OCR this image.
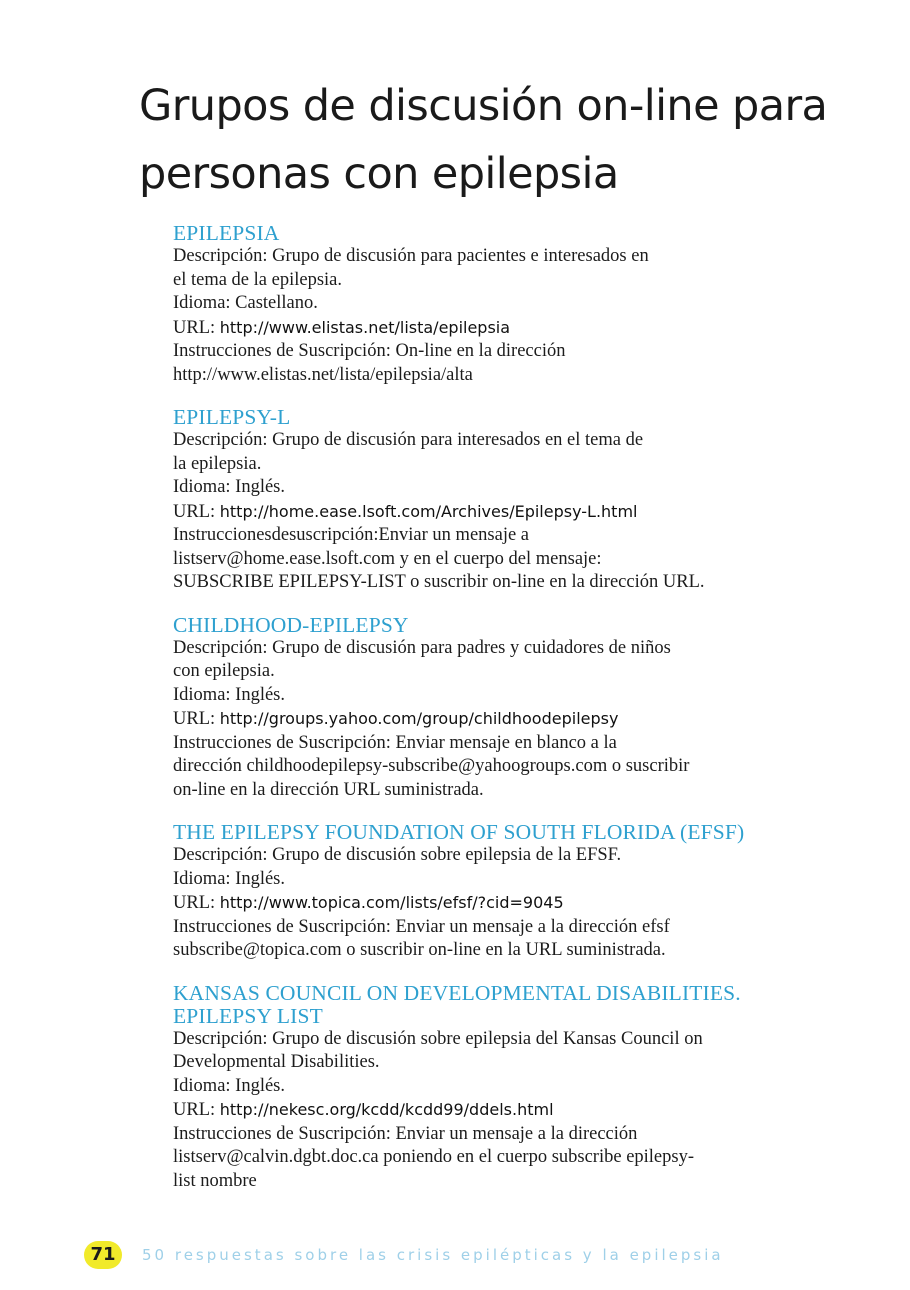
Grupos de discusión on-line para personas con epilepsia
EPILEPSIA

Descripción: Grupo de discusión para pacientes e interesados en

el tema de la epilepsia.

Idioma: Castellano.

URL: http://www.elistas.net/lista/epilepsia

Instrucciones de Suscripción: On-line en la dirección

http://www.elistas.net/lista/epilepsia/alta

EPILEPSY-L

Descripción: Grupo de discusión para interesados en el tema de

la epilepsia.

Idioma: Inglés.

URL: http://home.ease.lsoft.com/Archives/Epilepsy-L.html

Instruccionesdesuscripción:Enviar un mensaje a

listserv@home.ease.lsoft.com y en el cuerpo del mensaje:

SUBSCRIBE EPILEPSY-LIST o suscribir on-line en la dirección URL.

CHILDHOOD-EPILEPSY

Descripción: Grupo de discusión para padres y cuidadores de niños

con epilepsia.

Idioma: Inglés.

URL: http://groups.yahoo.com/group/childhoodepilepsy

Instrucciones de Suscripción: Enviar mensaje en blanco a la

dirección childhoodepilepsy-subscribe@yahoogroups.com o suscribir

on-line en la dirección URL suministrada.

THE EPILEPSY FOUNDATION OF SOUTH FLORIDA (EFSF)

Descripción: Grupo de discusión sobre epilepsia de la EFSF.

Idioma: Inglés.

URL: http://www.topica.com/lists/efsf/?cid=9045

Instrucciones de Suscripción: Enviar un mensaje a la dirección efsf

subscribe@topica.com o suscribir on-line en la URL suministrada.

KANSAS COUNCIL ON DEVELOPMENTAL DISABILITIES. EPILEPSY LIST

Descripción: Grupo de discusión sobre epilepsia del Kansas Council on

Developmental Disabilities.

Idioma: Inglés.

URL: http://nekesc.org/kcdd/kcdd99/ddels.html

Instrucciones de Suscripción: Enviar un mensaje a la dirección

listserv@calvin.dgbt.doc.ca poniendo en el cuerpo subscribe epilepsy-

list nombre

71	50 respuestas sobre las crisis epilépticas y la epilepsia
